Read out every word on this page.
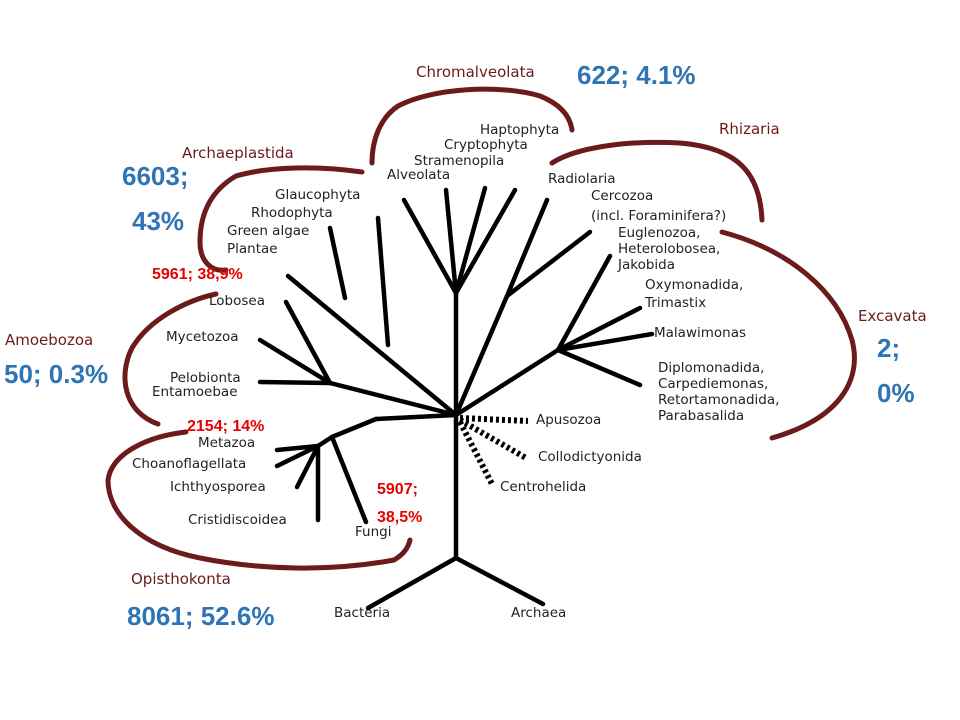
Chromalveolata
Rhizaria
Archaeplastida
Excavata
Amoebozoa
Opisthokonta
Haptophyta
Cryptophyta
Stramenopila
Alveolata	Radiolaria
Cercozoa
(incl. Foraminifera?)
Glaucophyta
Rhodophyta
Green algae
Plantae
Euglenozoa,
Heterolobosea,
Jakobida
Oxymonadida,
Trimastix
Malawimonas
Diplomonadida,
Carpediemonas,
Retortamonadida,
Parabasalida
Lobosea
Mycetozoa
Pelobionta
Entamoebae
Apusozoa
Collodictyonida
Centrohelida
Metazoa
Choanoflagellata
Ichthyosporea
Cristidiscoidea
Fungi
Bacteria	Archaea
622; 4.1%
6603;
43%
50; 0.3%
2;
0%
8061; 52.6%
5961; 38,9%
2154; 14%
5907;
38,5%
